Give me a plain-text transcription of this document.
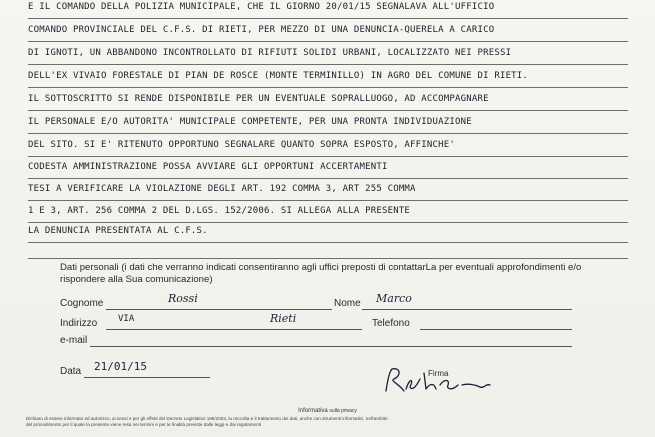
E IL COMANDO DELLA POLIZIA MUNICIPALE, CHE IL GIORNO 20/01/15 SEGNALAVA ALL'UFFICIO
COMANDO PROVINCIALE DEL C.F.S. DI RIETI, PER MEZZO DI UNA DENUNCIA-QUERELA A CARICO
DI IGNOTI, UN ABBANDONO INCONTROLLATO DI RIFIUTI SOLIDI URBANI, LOCALIZZATO NEI PRESSI
DELL'EX VIVAIO FORESTALE DI PIAN DE ROSCE (MONTE TERMINILLO) IN AGRO DEL COMUNE DI RIETI.
IL SOTTOSCRITTO SI RENDE DISPONIBILE PER UN EVENTUALE SOPRALLUOGO, AD ACCOMPAGNARE
IL PERSONALE E/O AUTORITA' MUNICIPALE COMPETENTE, PER UNA PRONTA INDIVIDUAZIONE
DEL SITO. SI E' RITENUTO OPPORTUNO SEGNALARE QUANTO SOPRA ESPOSTO, AFFINCHE'
CODESTA AMMINISTRAZIONE POSSA AVVIARE GLI OPPORTUNI ACCERTAMENTI
TESI A VERIFICARE LA VIOLAZIONE DEGLI ART. 192 COMMA 3, ART 255 COMMA
1 E 3, ART. 256 COMMA 2 DEL D.LGS. 152/2006. SI ALLEGA ALLA PRESENTE
LA DENUNCIA PRESENTATA AL C.F.S.
Dati personali (i dati che verranno indicati consentiranno agli uffici preposti di contattarLa per eventuali approfondimenti e/o rispondere alla Sua comunicazione)
Cognome	Rossi	Nome Marco
Indirizzo VIA	Rieti	Telefono
e-mail
Data 21/01/15
Firma
Informativa sulla privacy
Dichiaro di essere informato ed autorizzo, ai sensi e per gli effetti del Decreto Legislativo 196/2003, la raccolta e il trattamento dei dati, anche con strumenti informatici, nell'ambito
del procedimento per il quale la presente viene resa nei termini e per le finalità previste dalle leggi e dai regolamenti
